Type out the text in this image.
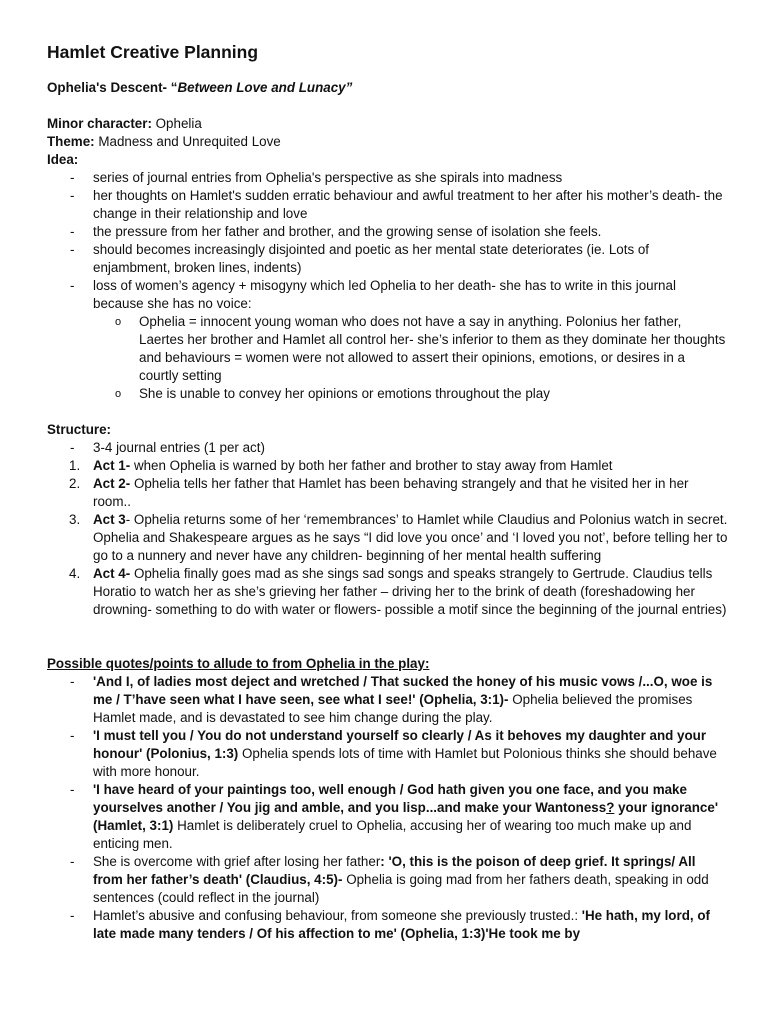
Hamlet Creative Planning

Ophelia's Descent- “Between Love and Lunacy”

Minor character: Ophelia

Theme: Madness and Unrequited Love

Idea:

- series of journal entries from Ophelia's perspective as she spirals into madness
- her thoughts on Hamlet's sudden erratic behaviour and awful treatment to her after his mother’s death- the change in their relationship and love
- the pressure from her father and brother, and the growing sense of isolation she feels.
- should becomes increasingly disjointed and poetic as her mental state deteriorates (ie. Lots of enjambment, broken lines, indents)
- loss of women’s agency + misogyny which led Ophelia to her death- she has to write in this journal because she has no voice:
o Ophelia = innocent young woman who does not have a say in anything. Polonius her father, Laertes her brother and Hamlet all control her- she’s inferior to them as they dominate her thoughts and behaviours = women were not allowed to assert their opinions, emotions, or desires in a courtly setting
o She is unable to convey her opinions or emotions throughout the play

Structure:

- 3-4 journal entries (1 per act)
1. Act 1- when Ophelia is warned by both her father and brother to stay away from Hamlet
2. Act 2- Ophelia tells her father that Hamlet has been behaving strangely and that he visited her in her room..
3. Act 3- Ophelia returns some of her ‘remembrances’ to Hamlet while Claudius and Polonius watch in secret. Ophelia and Shakespeare argues as he says “I did love you once’ and ‘I loved you not’, before telling her to go to a nunnery and never have any children- beginning of her mental health suffering
4. Act 4- Ophelia finally goes mad as she sings sad songs and speaks strangely to Gertrude. Claudius tells Horatio to watch her as she’s grieving her father – driving her to the brink of death (foreshadowing her drowning- something to do with water or flowers- possible a motif since the beginning of the journal entries)

Possible quotes/points to allude to from Ophelia in the play:

- 'And I, of ladies most deject and wretched / That sucked the honey of his music vows /...O, woe is me / T’have seen what I have seen, see what I see!' (Ophelia, 3:1)- Ophelia believed the promises Hamlet made, and is devastated to see him change during the play.
- 'I must tell you / You do not understand yourself so clearly / As it behoves my daughter and your honour' (Polonius, 1:3) Ophelia spends lots of time with Hamlet but Polonious thinks she should behave with more honour.
- 'I have heard of your paintings too, well enough / God hath given you one face, and you make yourselves another / You jig and amble, and you lisp...and make your Wantoness? your ignorance' (Hamlet, 3:1) Hamlet is deliberately cruel to Ophelia, accusing her of wearing too much make up and enticing men.
- She is overcome with grief after losing her father: 'O, this is the poison of deep grief. It springs/ All from her father’s death' (Claudius, 4:5)- Ophelia is going mad from her fathers death, speaking in odd sentences (could reflect in the journal)
- Hamlet’s abusive and confusing behaviour, from someone she previously trusted.: 'He hath, my lord, of late made many tenders / Of his affection to me' (Ophelia, 1:3)'He took me by
